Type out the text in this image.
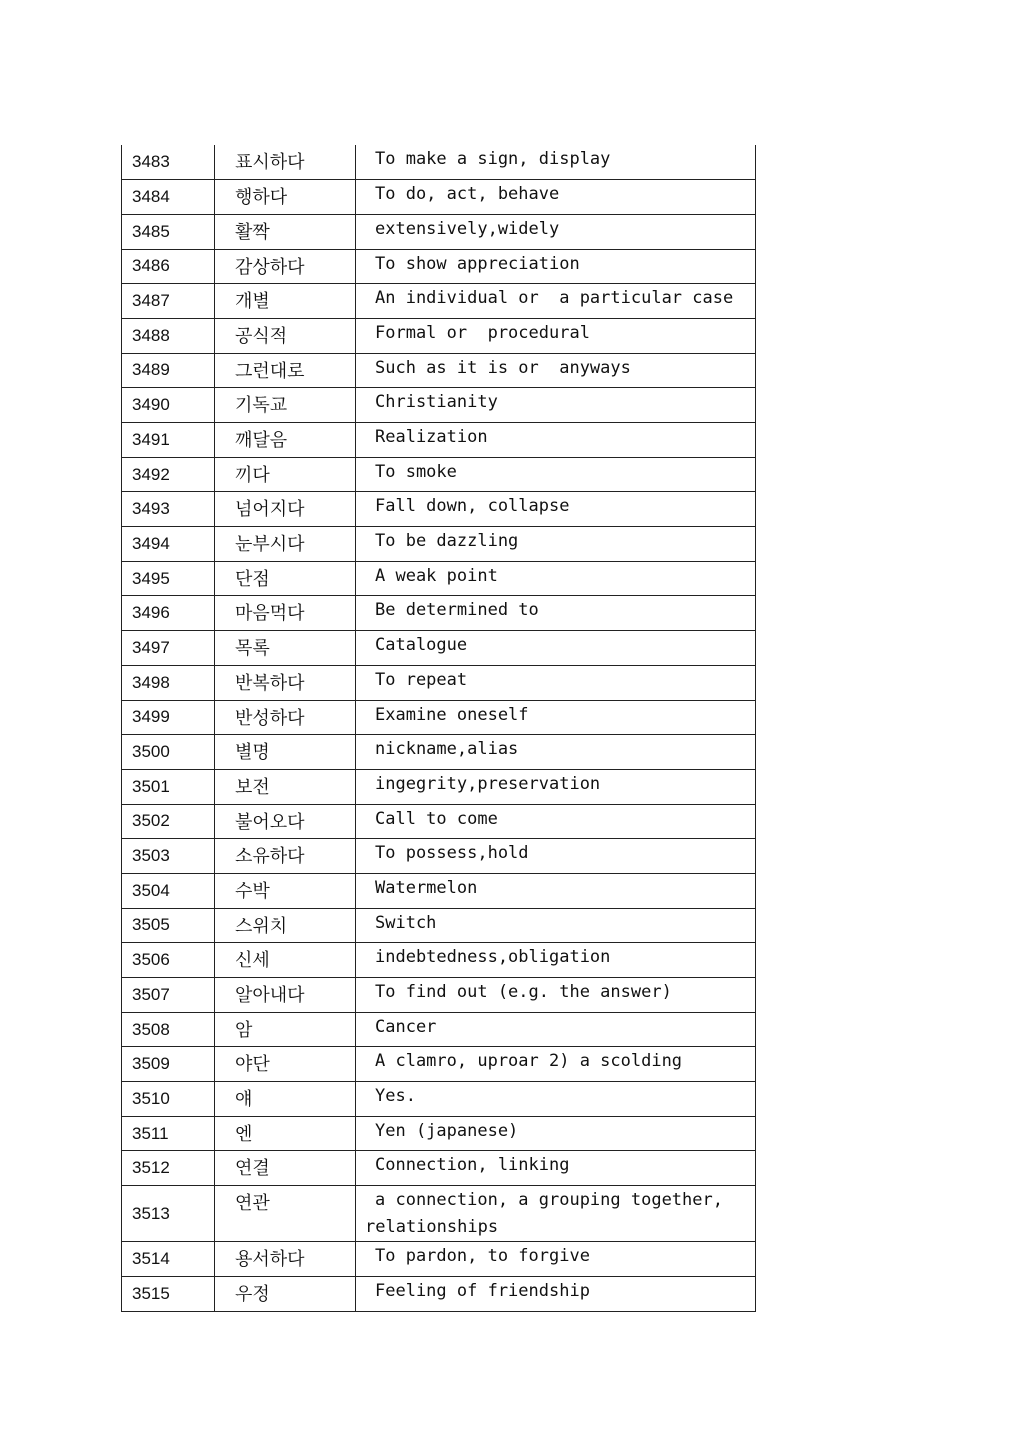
3483	표시하다	To make a sign, display
3484	행하다	To do, act, behave
3485	활짝	extensively,widely
3486	감상하다	To show appreciation
3487	개별	An individual or  a particular case
3488	공식적	Formal or  procedural
3489	그런대로	Such as it is or  anyways
3490	기독교	Christianity
3491	깨달음	Realization
3492	끼다	To smoke
3493	넘어지다	Fall down, collapse
3494	눈부시다	To be dazzling
3495	단점	A weak point
3496	마음먹다	Be determined to
3497	목록	Catalogue
3498	반복하다	To repeat
3499	반성하다	Examine oneself
3500	별명	nickname,alias
3501	보전	ingegrity,preservation
3502	불어오다	Call to come
3503	소유하다	To possess,hold
3504	수박	Watermelon
3505	스위치	Switch
3506	신세	indebtedness,obligation
3507	알아내다	To find out (e.g. the answer)
3508	암	Cancer
3509	야단	A clamro, uproar 2) a scolding
3510	얘	Yes.
3511	엔	Yen (japanese)
3512	연결	Connection, linking
3513	연관	a connection, a grouping together,
relationships
3514	용서하다	To pardon, to forgive
3515	우정	Feeling of friendship
